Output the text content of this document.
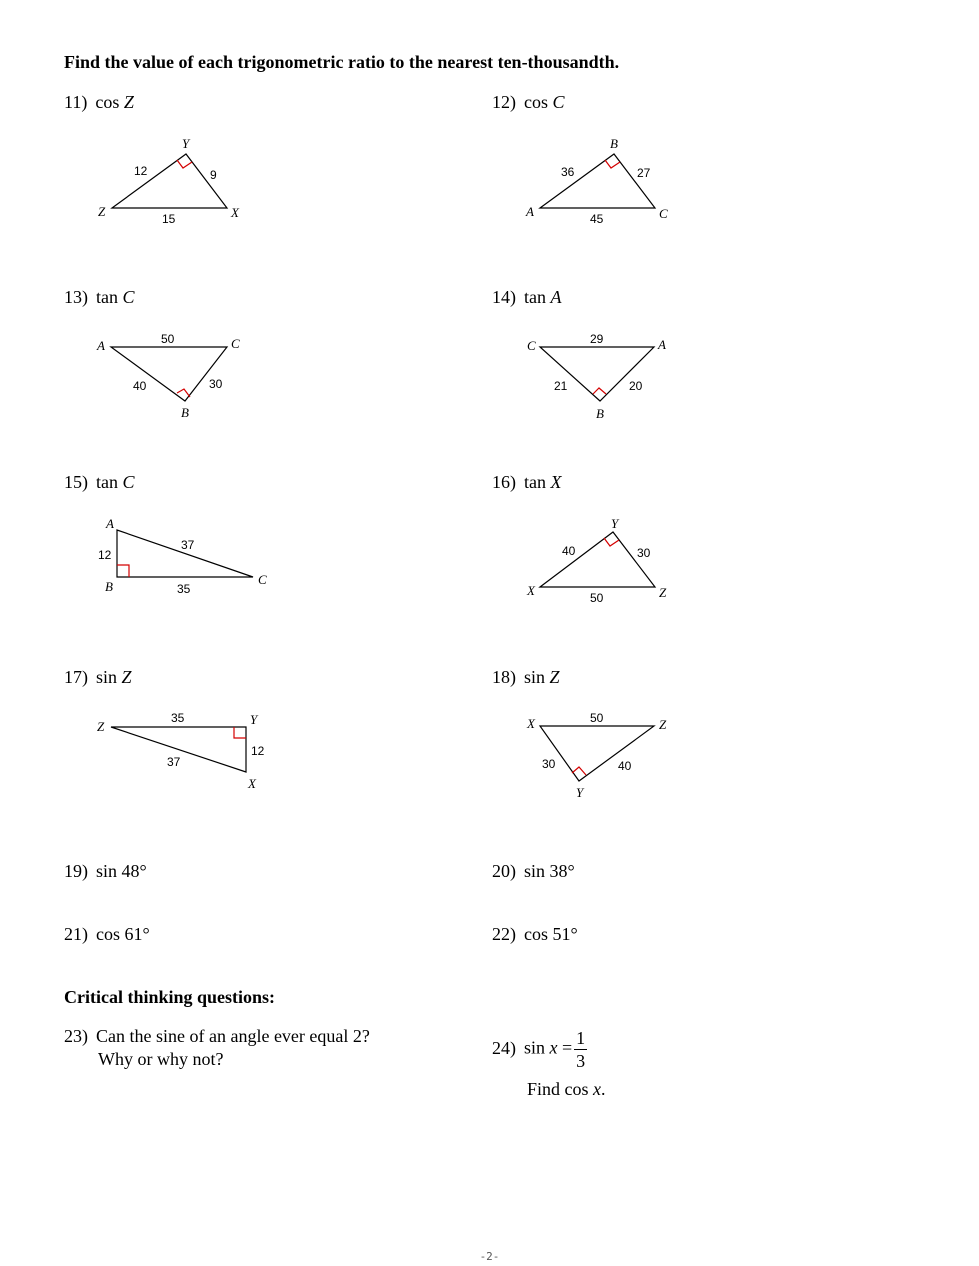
Find the value of each trigonometric ratio to the nearest ten-thousandth.
11) cos Z
Z
Y
X
12	9
15	A
B
C
36	27
45
A	C
B
50
40	30
C	A
B
29
21	20
A
B	C
12
37
35	X
Y
Z
40	30
50
Z	Y
X
35
12
37
X	Z
Y
50
30	40
12) cos C
13) tan C	14) tan A
15) tan C	16) tan X
17) sin Z	18) sin Z
19) sin 48°	20) sin 38°
21) cos 61°	22) cos 51°
Critical thinking questions:
23) Can the sine of an angle ever equal 2?
Why or why not?
24) $\sin x = \frac{1}{3}$
Find cos x.
-2-
